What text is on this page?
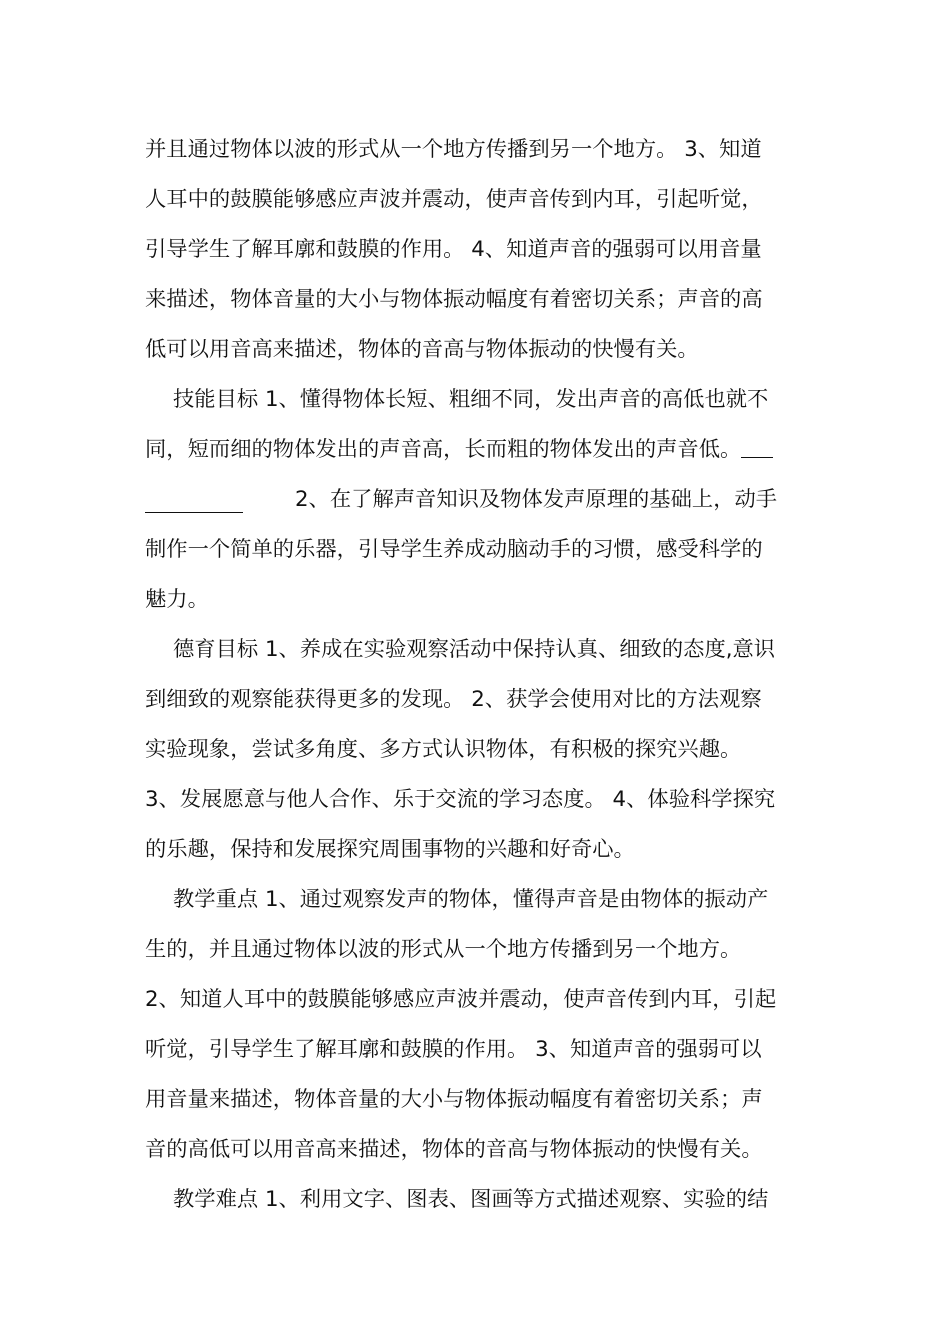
并且通过物体以波的形式从一个地方传播到另一个地方。 3、知道
人耳中的鼓膜能够感应声波并震动，使声音传到内耳，引起听觉，
引导学生了解耳廓和鼓膜的作用。 4、知道声音的强弱可以用音量
来描述，物体音量的大小与物体振动幅度有着密切关系；声音的高
低可以用音高来描述，物体的音高与物体振动的快慢有关。
技能目标 1、懂得物体长短、粗细不同，发出声音的高低也就不
同，短而细的物体发出的声音高，长而粗的物体发出的声音低。
2、在了解声音知识及物体发声原理的基础上，动手
制作一个简单的乐器，引导学生养成动脑动手的习惯，感受科学的
魅力。
德育目标 1、养成在实验观察活动中保持认真、细致的态度,意识
到细致的观察能获得更多的发现。 2、获学会使用对比的方法观察
实验现象，尝试多角度、多方式认识物体，有积极的探究兴趣。
3、发展愿意与他人合作、乐于交流的学习态度。 4、体验科学探究
的乐趣，保持和发展探究周围事物的兴趣和好奇心。
教学重点 1、通过观察发声的物体，懂得声音是由物体的振动产
生的，并且通过物体以波的形式从一个地方传播到另一个地方。
2、知道人耳中的鼓膜能够感应声波并震动，使声音传到内耳，引起
听觉，引导学生了解耳廓和鼓膜的作用。 3、知道声音的强弱可以
用音量来描述，物体音量的大小与物体振动幅度有着密切关系；声
音的高低可以用音高来描述，物体的音高与物体振动的快慢有关。
教学难点 1、利用文字、图表、图画等方式描述观察、实验的结
